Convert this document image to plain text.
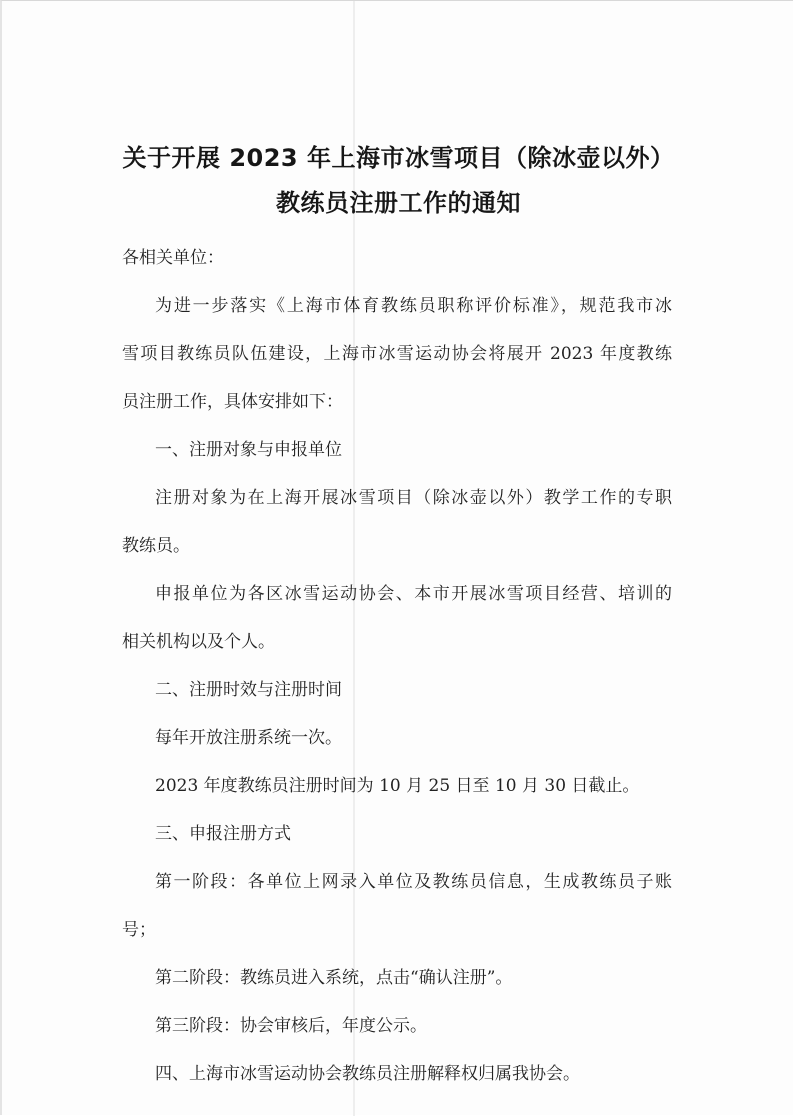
关于开展 2023 年上海市冰雪项目（除冰壶以外）
教练员注册工作的通知
各相关单位：
为进一步落实《上海市体育教练员职称评价标准》，规范我市冰
雪项目教练员队伍建设，上海市冰雪运动协会将展开 2023 年度教练
员注册工作，具体安排如下：
一、注册对象与申报单位
注册对象为在上海开展冰雪项目（除冰壶以外）教学工作的专职
教练员。
申报单位为各区冰雪运动协会、本市开展冰雪项目经营、培训的
相关机构以及个人。
二、注册时效与注册时间
每年开放注册系统一次。
2023 年度教练员注册时间为 10 月 25 日至 10 月 30 日截止。
三、申报注册方式
第一阶段：各单位上网录入单位及教练员信息，生成教练员子账
号；
第二阶段：教练员进入系统，点击“确认注册”。
第三阶段：协会审核后，年度公示。
四、上海市冰雪运动协会教练员注册解释权归属我协会。
